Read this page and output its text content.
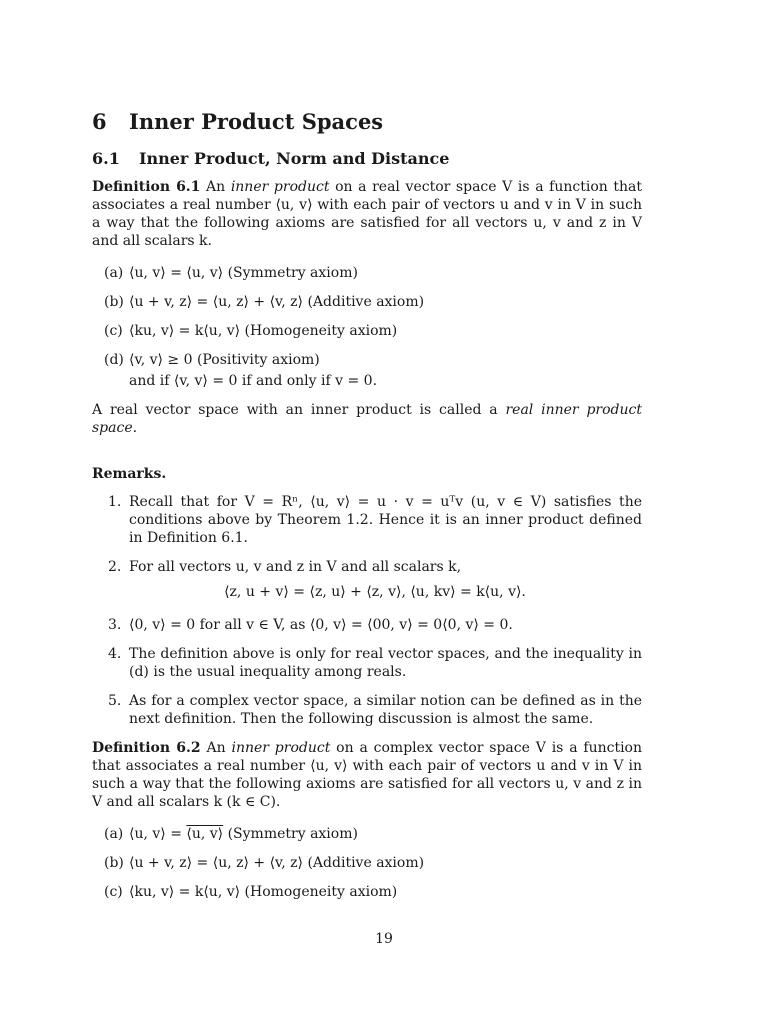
6 Inner Product Spaces
6.1 Inner Product, Norm and Distance

Definition 6.1 An inner product on a real vector space V is a function that associates a real number ⟨u, v⟩ with each pair of vectors u and v in V in such a way that the following axioms are satisfied for all vectors u, v and z in V and all scalars k.

(a) ⟨u, v⟩ = ⟨u, v⟩ (Symmetry axiom)
(b) ⟨u + v, z⟩ = ⟨u, z⟩ + ⟨v, z⟩ (Additive axiom)
(c) ⟨ku, v⟩ = k⟨u, v⟩ (Homogeneity axiom)
(d) ⟨v, v⟩ ≥ 0 (Positivity axiom)
and if ⟨v, v⟩ = 0 if and only if v = 0.

A real vector space with an inner product is called a real inner product space.

Remarks.
1. Recall that for V = Rⁿ, ⟨u, v⟩ = u · v = uᵀv (u, v ∈ V) satisfies the conditions above by Theorem 1.2. Hence it is an inner product defined in Definition 6.1.
2. For all vectors u, v and z in V and all scalars k,
⟨z, u + v⟩ = ⟨z, u⟩ + ⟨z, v⟩, ⟨u, kv⟩ = k⟨u, v⟩.
3. ⟨0, v⟩ = 0 for all v ∈ V, as ⟨0, v⟩ = ⟨00, v⟩ = 0⟨0, v⟩ = 0.
4. The definition above is only for real vector spaces, and the inequality in (d) is the usual inequality among reals.
5. As for a complex vector space, a similar notion can be defined as in the next definition. Then the following discussion is almost the same.

Definition 6.2 An inner product on a complex vector space V is a function that associates a real number ⟨u, v⟩ with each pair of vectors u and v in V in such a way that the following axioms are satisfied for all vectors u, v and z in V and all scalars k (k ∈ C).

(a) ⟨u, v⟩ = ⟨u, v⟩ (Symmetry axiom)
(b) ⟨u + v, z⟩ = ⟨u, z⟩ + ⟨v, z⟩ (Additive axiom)
(c) ⟨ku, v⟩ = k⟨u, v⟩ (Homogeneity axiom)
19
